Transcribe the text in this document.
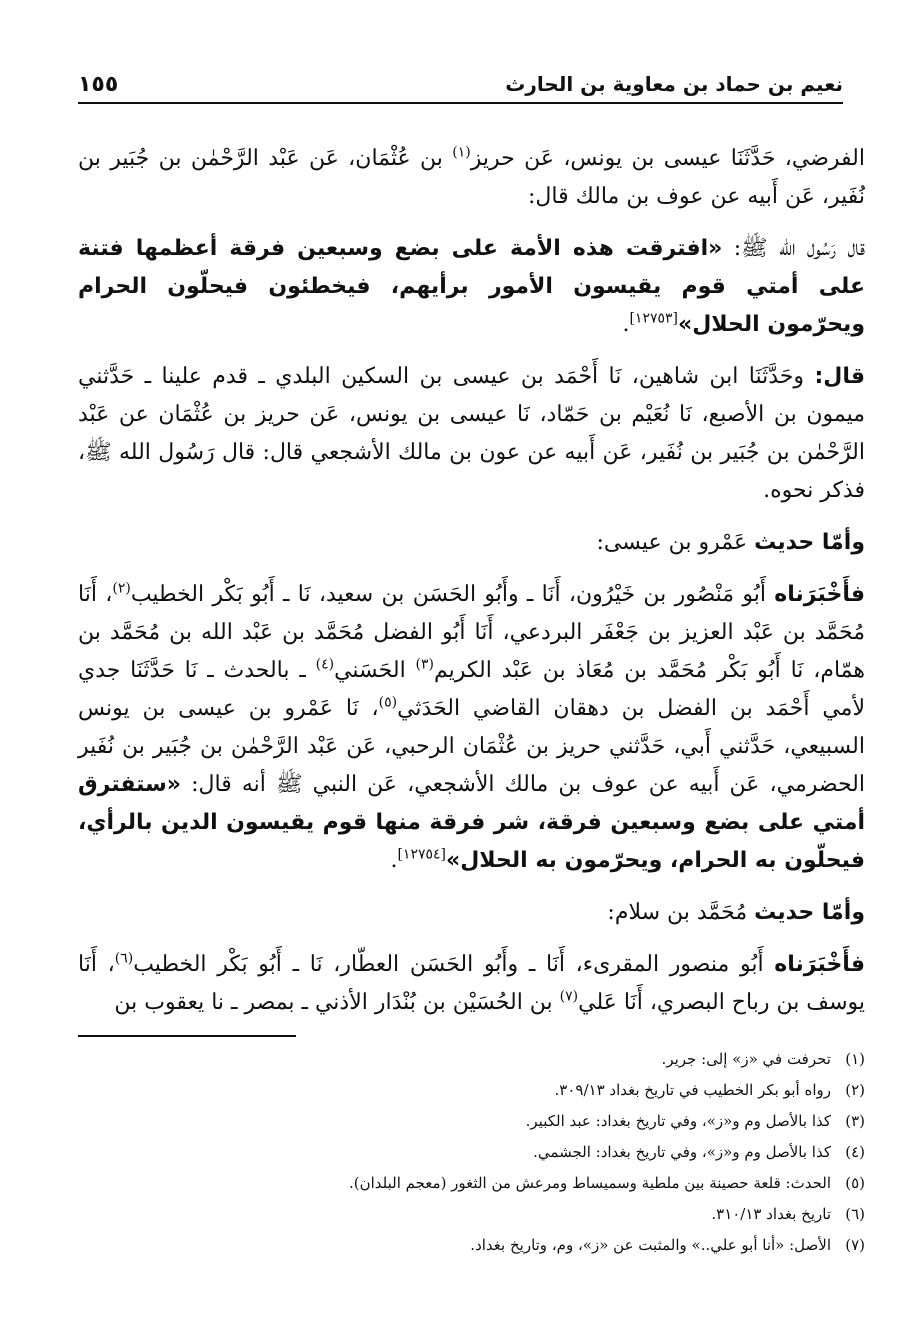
نعيم بن حماد بن معاوية بن الحارث
١٥٥

الفرضي، حَدَّثَنَا عيسى بن يونس، عَن حريز$^{(١)}$ بن عُثْمَان، عَن عَبْد الرَّحْمٰن بن جُبَير بن نُفَير، عَن أَبيه عن عوف بن مالك قال:

قال رَسُول الله ﷺ: «افترقت هذه الأمة على بضع وسبعين فرقة أعظمها فتنة على أمتي قوم يقيسون الأمور برأيهم، فيخطئون فيحلّون الحرام ويحرّمون الحلال»[١٢٧٥٣].

قال: وحَدَّثَنَا ابن شاهين، نَا أَحْمَد بن عيسى بن السكين البلدي ـ قدم علينا ـ حَدَّثني ميمون بن الأصبع، نَا نُعَيْم بن حَمّاد، نَا عيسى بن يونس، عَن حريز بن عُثْمَان عن عَبْد الرَّحْمٰن بن جُبَير بن نُفَير، عَن أَبيه عن عون بن مالك الأشجعي قال: قال رَسُول الله ﷺ، فذكر نحوه.

وأمّا حديث عَمْرو بن عيسى:

فأَخْبَرَناه أَبُو مَنْصُور بن خَيْرُون، أَنَا ـ وأَبُو الحَسَن بن سعيد، نَا ـ أَبُو بَكْر الخطيب$^{(٢)}$، أَنَا مُحَمَّد بن عَبْد العزيز بن جَعْفَر البردعي، أَنَا أَبُو الفضل مُحَمَّد بن عَبْد الله بن مُحَمَّد بن همّام، نَا أَبُو بَكْر مُحَمَّد بن مُعَاذ بن عَبْد الكريم$^{(٣)}$ الحَسَني$^{(٤)}$ ـ بالحدث ـ نَا حَدَّثَنَا جدي لأمي أَحْمَد بن الفضل بن دهقان القاضي الحَدَثي$^{(٥)}$، نَا عَمْرو بن عيسى بن يونس السبيعي، حَدَّثني أَبي، حَدَّثني حريز بن عُثْمَان الرحبي، عَن عَبْد الرَّحْمٰن بن جُبَير بن نُفَير الحضرمي، عَن أَبيه عن عوف بن مالك الأشجعي، عَن النبي ﷺ أنه قال: «ستفترق أمتي على بضع وسبعين فرقة، شر فرقة منها قوم يقيسون الدين بالرأي، فيحلّون به الحرام، ويحرّمون به الحلال»[١٢٧٥٤].

وأمّا حديث مُحَمَّد بن سلام:

فأَخْبَرَناه أَبُو منصور المقرىء، أَنَا ـ وأَبُو الحَسَن العطّار، نَا ـ أَبُو بَكْر الخطيب$^{(٦)}$، أَنَا يوسف بن رباح البصري، أَنَا عَلي$^{(٧)}$ بن الحُسَيْن بن بُنْدَار الأذني ـ بمصر ـ نا يعقوب بن

(١)تحرفت في «ز» إلى: جرير.
(٢)رواه أبو بكر الخطيب في تاريخ بغداد ٣٠٩/١٣.
(٣)كذا بالأصل وم و«ز»، وفي تاريخ بغداد: عبد الكبير.
(٤)كذا بالأصل وم و«ز»، وفي تاريخ بغداد: الجشمي.
(٥)الحدث: قلعة حصينة بين ملطية وسميساط ومرعش من الثغور (معجم البلدان).
(٦)تاريخ بغداد ٣١٠/١٣.
(٧)الأصل: «أنا أبو علي..» والمثبت عن «ز»، وم، وتاريخ بغداد.
